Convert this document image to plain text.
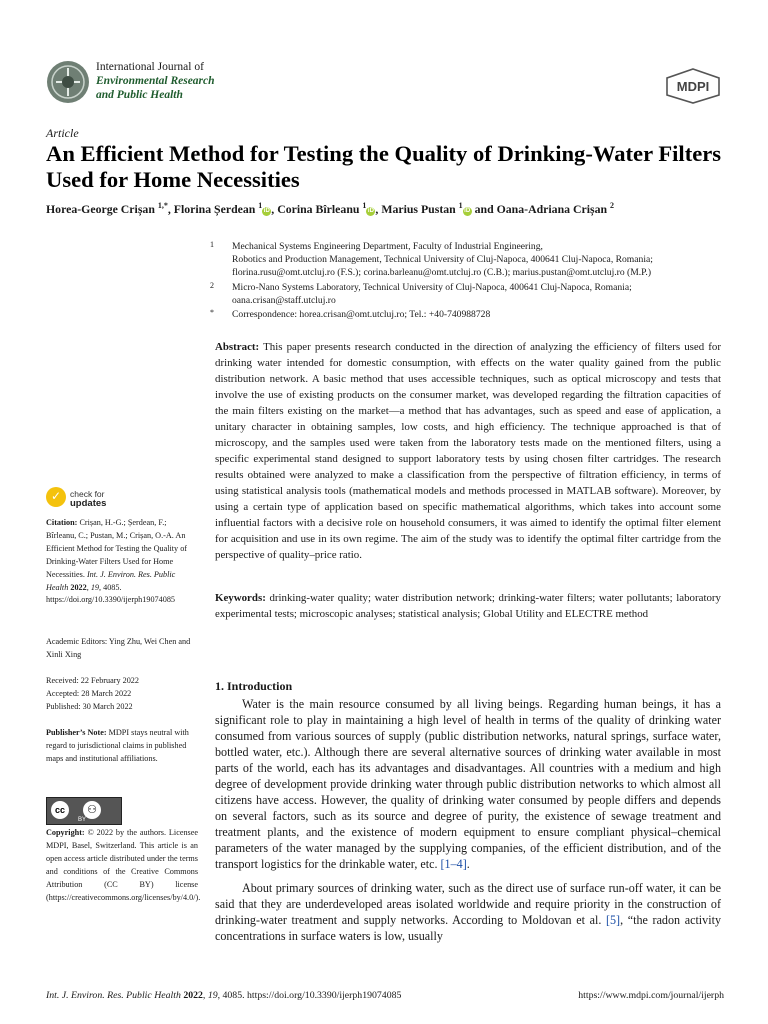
International Journal of
Environmental Research
and Public Health
MDPI
Article
An Efficient Method for Testing the Quality of Drinking-Water Filters Used for Home Necessities
Horea-George Crișan $^{1,*}$, Florina Șerdean $^1$iD , Corina Bîrleanu $^1$iD , Marius Pustan $^1$iD and Oana-Adriana Crișan $^2$
1 Mechanical Systems Engineering Department, Faculty of Industrial Engineering,
Robotics and Production Management, Technical University of Cluj-Napoca, 400641 Cluj-Napoca, Romania;
florina.rusu@omt.utcluj.ro (F.S.); corina.barleanu@omt.utcluj.ro (C.B.); marius.pustan@omt.utcluj.ro (M.P.)
2 Micro-Nano Systems Laboratory, Technical University of Cluj-Napoca, 400641 Cluj-Napoca, Romania;
oana.crisan@staff.utcluj.ro
* Correspondence: horea.crisan@omt.utcluj.ro; Tel.: +40-740988728
Abstract: This paper presents research conducted in the direction of analyzing the efficiency of filters used for drinking water intended for domestic consumption, with effects on the water quality gained from the public distribution network. A basic method that uses accessible techniques, such as optical microscopy and tests that involve the use of existing products on the consumer market, was developed regarding the filtration capacities of the main filters existing on the market—a method that has advantages, such as speed and ease of application, a unitary character in obtaining samples, low costs, and high efficiency. The technique approached is that of microscopy, and the samples used were taken from the laboratory tests made on the mentioned filters, using a specific experimental stand designed to support laboratory tests by using chosen filter cartridges. The research results obtained were analyzed to make a classification from the perspective of filtration efficiency, in terms of using statistical analysis tools (mathematical models and methods processed in MATLAB software). Moreover, by using a certain type of application based on specific mathematical algorithms, which takes into account some influential factors with a decisive role on household consumers, it was aimed to identify the optimal filter element for acquisition and use in its own regime. The aim of the study was to identify the optimal filter cartridge from the perspective of quality–price ratio.
Keywords: drinking-water quality; water distribution network; drinking-water filters; water pollutants; laboratory experimental tests; microscopic analyses; statistical analysis; Global Utility and ELECTRE method
✓
check for
updates
Citation: Crișan, H.-G.; Șerdean, F.; Bîrleanu, C.; Pustan, M.; Crișan, O.-A. An Efficient Method for Testing the Quality of Drinking-Water Filters Used for Home Necessities. Int. J. Environ. Res. Public Health 2022, 19, 4085. https://doi.org/10.3390/ijerph19074085
Academic Editors: Ying Zhu, Wei Chen and Xinli Xing
Received: 22 February 2022
Accepted: 28 March 2022
Published: 30 March 2022
Publisher’s Note: MDPI stays neutral with regard to jurisdictional claims in published maps and institutional affiliations.
cc	⚇
BY
Copyright: © 2022 by the authors. Licensee MDPI, Basel, Switzerland. This article is an open access article distributed under the terms and conditions of the Creative Commons Attribution (CC BY) license (https://creativecommons.org/licenses/by/4.0/).
1. Introduction
Water is the main resource consumed by all living beings. Regarding human beings, it has a significant role to play in maintaining a high level of health in terms of the quality of drinking water consumed from various sources of supply (public distribution networks, natural springs, surface water, bottled water, etc.). Although there are several alternative sources of drinking water available in most parts of the world, each has its advantages and disadvantages. All countries with a medium and high degree of development provide drinking water through public distribution networks to which almost all citizens have access. However, the quality of drinking water consumed by people differs and depends on several factors, such as its source and degree of purity, the existence of sewage treatment and treatment plants, and the existence of modern equipment to ensure compliant physical–chemical parameters of the water managed by the supplying companies, of the efficient distribution, and of the transport logistics for the drinkable water, etc. [1–4].
About primary sources of drinking water, such as the direct use of surface run-off water, it can be said that they are underdeveloped areas isolated worldwide and require priority in the construction of drinking-water treatment and supply networks. According to Moldovan et al. [5], “the radon activity concentrations in surface waters is low, usually
Int. J. Environ. Res. Public Health 2022, 19, 4085. https://doi.org/10.3390/ijerph19074085	https://www.mdpi.com/journal/ijerph
